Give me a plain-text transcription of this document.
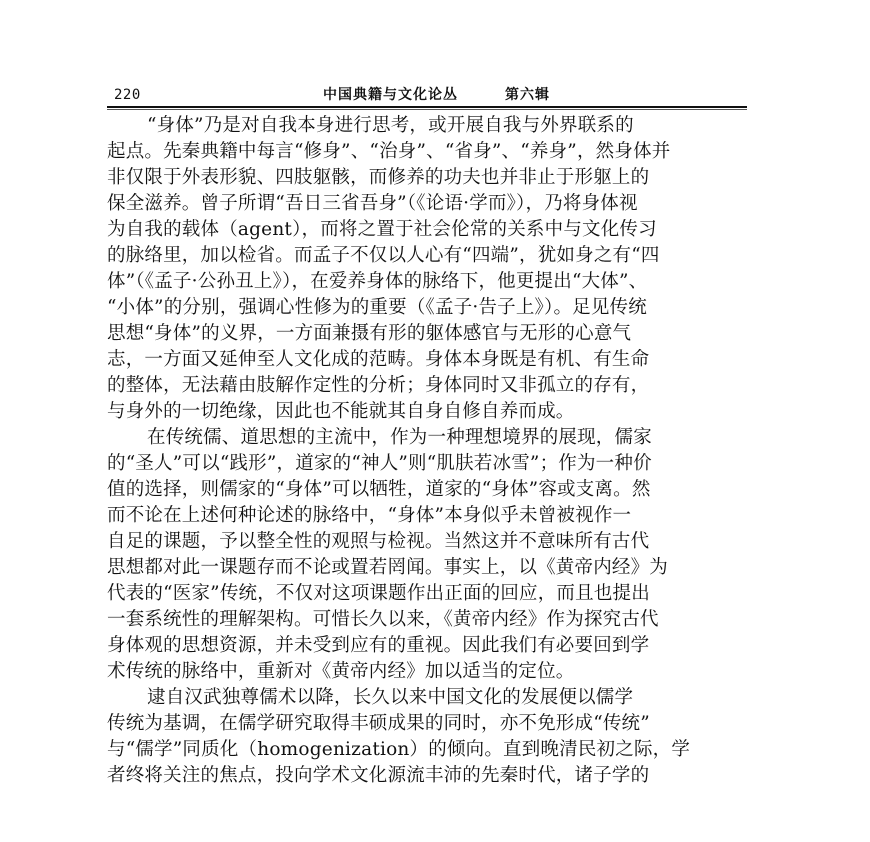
220	中国典籍与文化论丛	第六辑
“身体”乃是对自我本身进行思考，或开展自我与外界联系的
起点。先秦典籍中每言“修身”、“治身”、“省身”、“养身”，然身体并
非仅限于外表形貌、四肢躯骸，而修养的功夫也并非止于形躯上的
保全滋养。曾子所谓“吾日三省吾身”（《论语·学而》），乃将身体视
为自我的载体（agent），而将之置于社会伦常的关系中与文化传习
的脉络里，加以检省。而孟子不仅以人心有“四端”，犹如身之有“四
体”（《孟子·公孙丑上》），在爱养身体的脉络下，他更提出“大体”、
“小体”的分别，强调心性修为的重要（《孟子·告子上》）。足见传统
思想“身体”的义界，一方面兼摄有形的躯体感官与无形的心意气
志，一方面又延伸至人文化成的范畴。身体本身既是有机、有生命
的整体，无法藉由肢解作定性的分析；身体同时又非孤立的存有，
与身外的一切绝缘，因此也不能就其自身自修自养而成。
在传统儒、道思想的主流中，作为一种理想境界的展现，儒家
的“圣人”可以“践形”，道家的“神人”则“肌肤若冰雪”；作为一种价
值的选择，则儒家的“身体”可以牺牲，道家的“身体”容或支离。然
而不论在上述何种论述的脉络中，“身体”本身似乎未曾被视作一
自足的课题，予以整全性的观照与检视。当然这并不意味所有古代
思想都对此一课题存而不论或置若罔闻。事实上，以《黄帝内经》为
代表的“医家”传统，不仅对这项课题作出正面的回应，而且也提出
一套系统性的理解架构。可惜长久以来，《黄帝内经》作为探究古代
身体观的思想资源，并未受到应有的重视。因此我们有必要回到学
术传统的脉络中，重新对《黄帝内经》加以适当的定位。
逮自汉武独尊儒术以降，长久以来中国文化的发展便以儒学
传统为基调，在儒学研究取得丰硕成果的同时，亦不免形成“传统”
与“儒学”同质化（homogenization）的倾向。直到晚清民初之际，学
者终将关注的焦点，投向学术文化源流丰沛的先秦时代，诸子学的
